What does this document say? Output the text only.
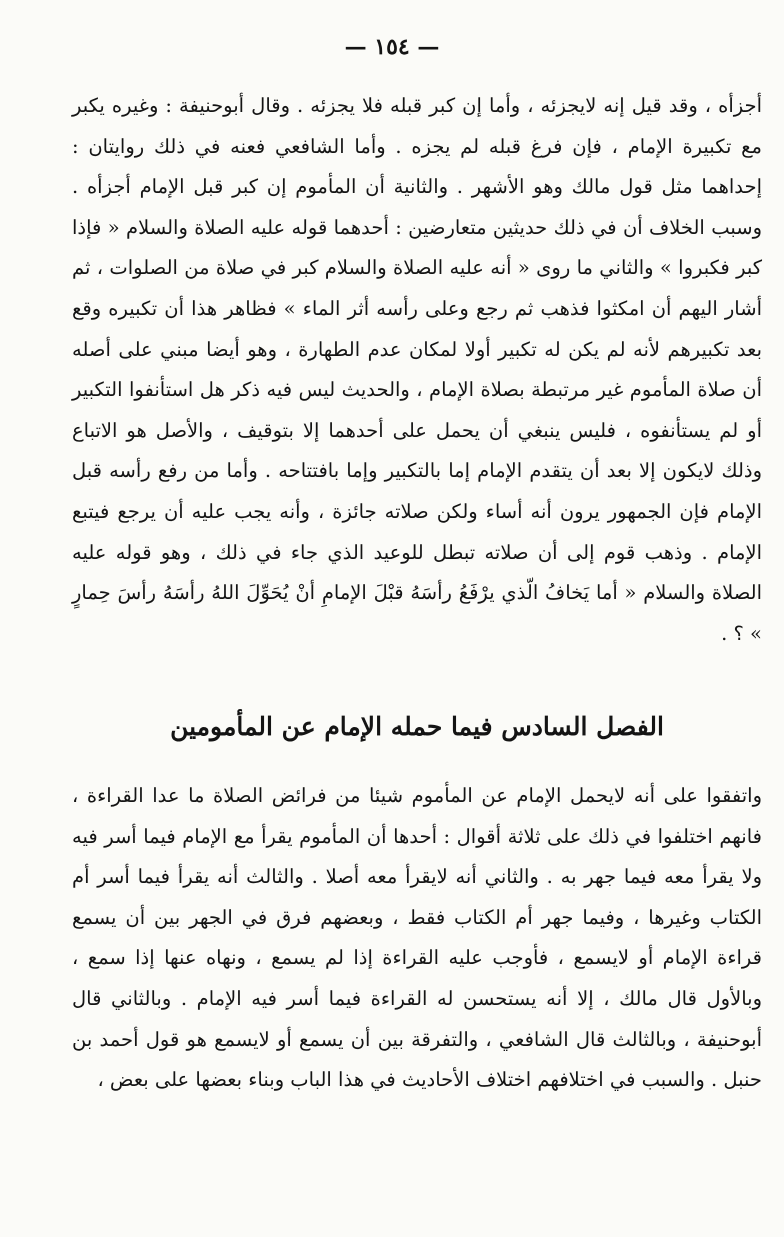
— ١٥٤ —

أجزأه ، وقد قيل إنه لايجزئه ، وأما إن كبر قبله فلا يجزئه . وقال أبوحنيفة : وغيره يكبر مع تكبيرة الإمام ، فإن فرغ قبله لم يجزه . وأما الشافعي فعنه في ذلك روايتان : إحداهما مثل قول مالك وهو الأشهر . والثانية أن المأموم إن كبر قبل الإمام أجزأه . وسبب الخلاف أن في ذلك حديثين متعارضين : أحدهما قوله عليه الصلاة والسلام « فإذا كبر فكبروا » والثاني ما روى « أنه عليه الصلاة والسلام كبر في صلاة من الصلوات ، ثم أشار اليهم أن امكثوا فذهب ثم رجع وعلى رأسه أثر الماء » فظاهر هذا أن تكبيره وقع بعد تكبيرهم لأنه لم يكن له تكبير أولا لمكان عدم الطهارة ، وهو أيضا مبني على أصله أن صلاة المأموم غير مرتبطة بصلاة الإمام ، والحديث ليس فيه ذكر هل استأنفوا التكبير أو لم يستأنفوه ، فليس ينبغي أن يحمل على أحدهما إلا بتوقيف ، والأصل هو الاتباع وذلك لايكون إلا بعد أن يتقدم الإمام إما بالتكبير وإما بافتتاحه . وأما من رفع رأسه قبل الإمام فإن الجمهور يرون أنه أساء ولكن صلاته جائزة ، وأنه يجب عليه أن يرجع فيتبع الإمام . وذهب قوم إلى أن صلاته تبطل للوعيد الذي جاء في ذلك ، وهو قوله عليه الصلاة والسلام « أما يَخافُ الّذي يرْفَعُ رأسَهُ قبْلَ الإمامِ أنْ يُحَوِّلَ اللهُ رأسَهُ رأسَ حِمارٍ » ؟ .

الفصل السادس فيما حمله الإمام عن المأمومين

واتفقوا على أنه لايحمل الإمام عن المأموم شيئا من فرائض الصلاة ما عدا القراءة ، فانهم اختلفوا في ذلك على ثلاثة أقوال : أحدها أن المأموم يقرأ مع الإمام فيما أسر فيه ولا يقرأ معه فيما جهر به . والثاني أنه لايقرأ معه أصلا . والثالث أنه يقرأ فيما أسر أم الكتاب وغيرها ، وفيما جهر أم الكتاب فقط ، وبعضهم فرق في الجهر بين أن يسمع قراءة الإمام أو لايسمع ، فأوجب عليه القراءة إذا لم يسمع ، ونهاه عنها إذا سمع ، وبالأول قال مالك ، إلا أنه يستحسن له القراءة فيما أسر فيه الإمام . وبالثاني قال أبوحنيفة ، وبالثالث قال الشافعي ، والتفرقة بين أن يسمع أو لايسمع هو قول أحمد بن حنبل . والسبب في اختلافهم اختلاف الأحاديث في هذا الباب وبناء بعضها على بعض ،
